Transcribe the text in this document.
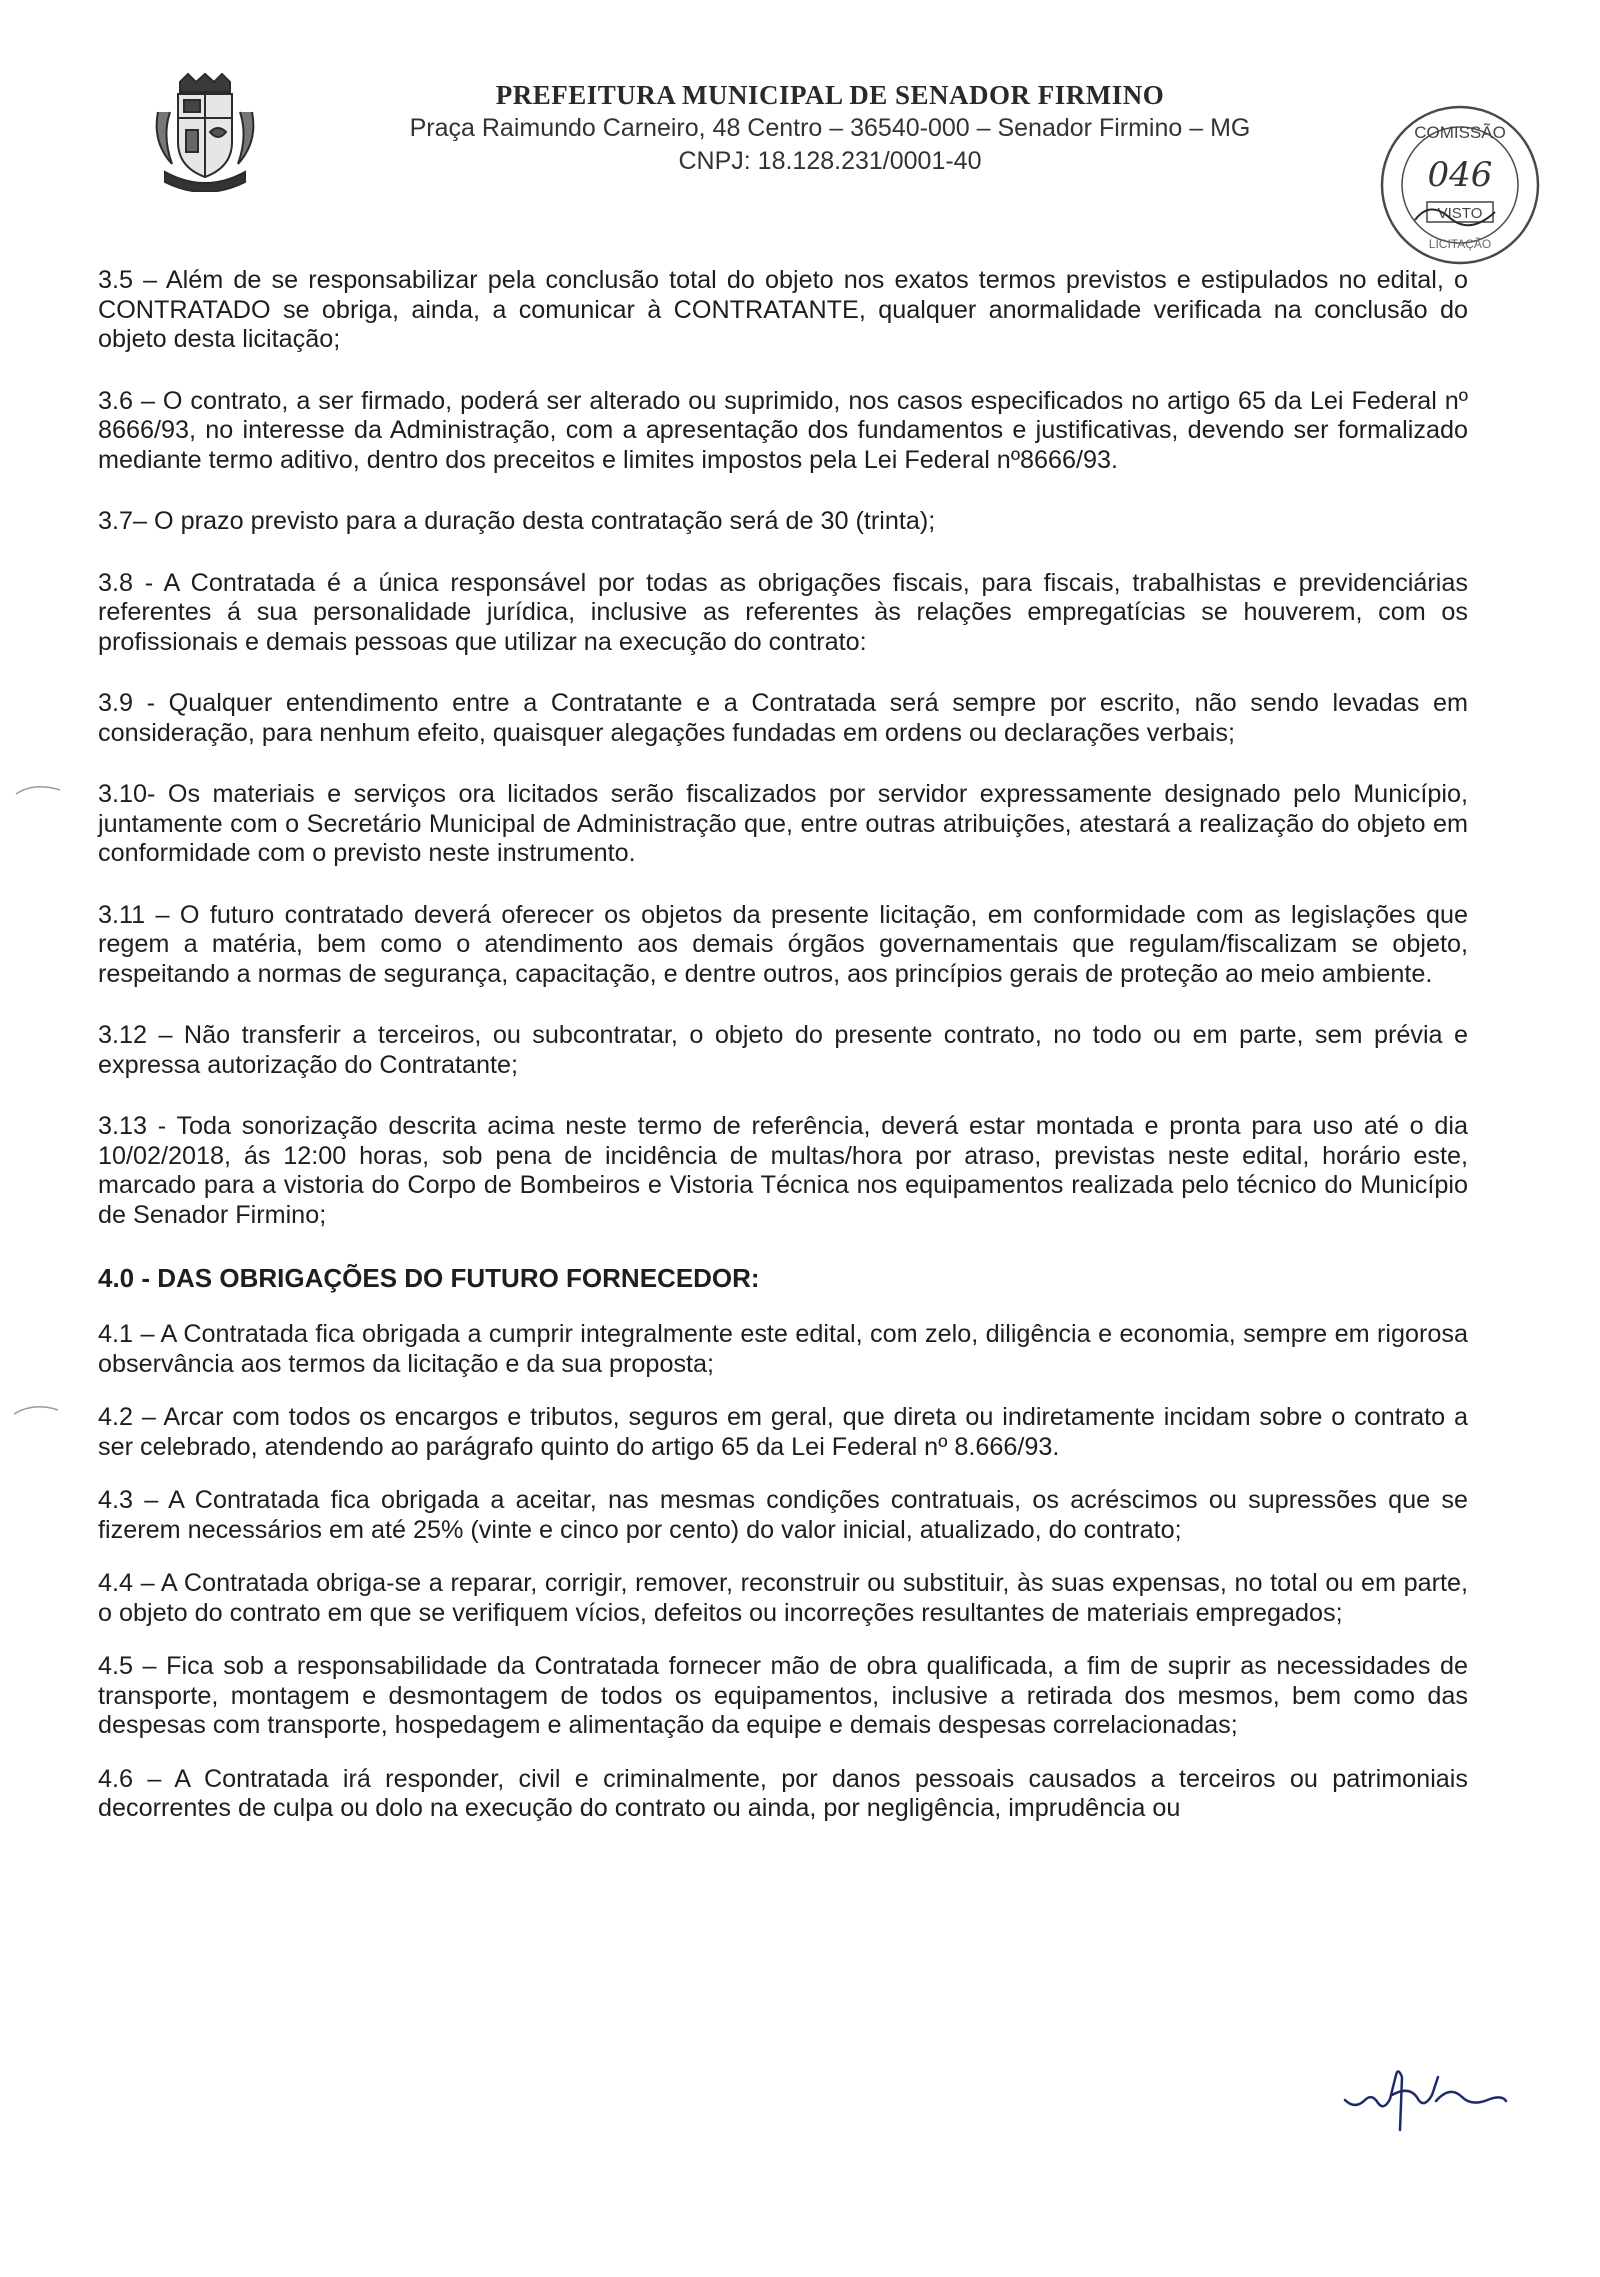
PREFEITURA MUNICIPAL DE SENADOR FIRMINO
Praça Raimundo Carneiro, 48 Centro – 36540-000 – Senador Firmino – MG
CNPJ: 18.128.231/0001-40
COMISSÃO
046
VISTO
LICITAÇÃO

3.5 – Além de se responsabilizar pela conclusão total do objeto nos exatos termos previstos e estipulados no edital, o CONTRATADO se obriga, ainda, a comunicar à CONTRATANTE, qualquer anormalidade verificada na conclusão do objeto desta licitação;

3.6 – O contrato, a ser firmado, poderá ser alterado ou suprimido, nos casos especificados no artigo 65 da Lei Federal nº 8666/93, no interesse da Administração, com a apresentação dos fundamentos e justificativas, devendo ser formalizado mediante termo aditivo, dentro dos preceitos e limites impostos pela Lei Federal nº8666/93.

3.7– O prazo previsto para a duração desta contratação será de 30 (trinta);

3.8 - A Contratada é a única responsável por todas as obrigações fiscais, para fiscais, trabalhistas e previdenciárias referentes á sua personalidade jurídica, inclusive as referentes às relações empregatícias se houverem, com os profissionais e demais pessoas que utilizar na execução do contrato:

3.9 - Qualquer entendimento entre a Contratante e a Contratada será sempre por escrito, não sendo levadas em consideração, para nenhum efeito, quaisquer alegações fundadas em ordens ou declarações verbais;

3.10- Os materiais e serviços ora licitados serão fiscalizados por servidor expressamente designado pelo Município, juntamente com o Secretário Municipal de Administração que, entre outras atribuições, atestará a realização do objeto em conformidade com o previsto neste instrumento.

3.11 – O futuro contratado deverá oferecer os objetos da presente licitação, em conformidade com as legislações que regem a matéria, bem como o atendimento aos demais órgãos governamentais que regulam/fiscalizam se objeto, respeitando a normas de segurança, capacitação, e dentre outros, aos princípios gerais de proteção ao meio ambiente.

3.12 – Não transferir a terceiros, ou subcontratar, o objeto do presente contrato, no todo ou em parte, sem prévia e expressa autorização do Contratante;

3.13 - Toda sonorização descrita acima neste termo de referência, deverá estar montada e pronta para uso até o dia 10/02/2018, ás 12:00 horas, sob pena de incidência de multas/hora por atraso, previstas neste edital, horário este, marcado para a vistoria do Corpo de Bombeiros e Vistoria Técnica nos equipamentos realizada pelo técnico do Município de Senador Firmino;

4.0 - DAS OBRIGAÇÕES DO FUTURO FORNECEDOR:

4.1 – A Contratada fica obrigada a cumprir integralmente este edital, com zelo, diligência e economia, sempre em rigorosa observância aos termos da licitação e da sua proposta;

4.2 – Arcar com todos os encargos e tributos, seguros em geral, que direta ou indiretamente incidam sobre o contrato a ser celebrado, atendendo ao parágrafo quinto do artigo 65 da Lei Federal nº 8.666/93.

4.3 – A Contratada fica obrigada a aceitar, nas mesmas condições contratuais, os acréscimos ou supressões que se fizerem necessários em até 25% (vinte e cinco por cento) do valor inicial, atualizado, do contrato;

4.4 – A Contratada obriga-se a reparar, corrigir, remover, reconstruir ou substituir, às suas expensas, no total ou em parte, o objeto do contrato em que se verifiquem vícios, defeitos ou incorreções resultantes de materiais empregados;

4.5 – Fica sob a responsabilidade da Contratada fornecer mão de obra qualificada, a fim de suprir as necessidades de transporte, montagem e desmontagem de todos os equipamentos, inclusive a retirada dos mesmos, bem como das despesas com transporte, hospedagem e alimentação da equipe e demais despesas correlacionadas;

4.6 – A Contratada irá responder, civil e criminalmente, por danos pessoais causados a terceiros ou patrimoniais decorrentes de culpa ou dolo na execução do contrato ou ainda, por negligência, imprudência ou
